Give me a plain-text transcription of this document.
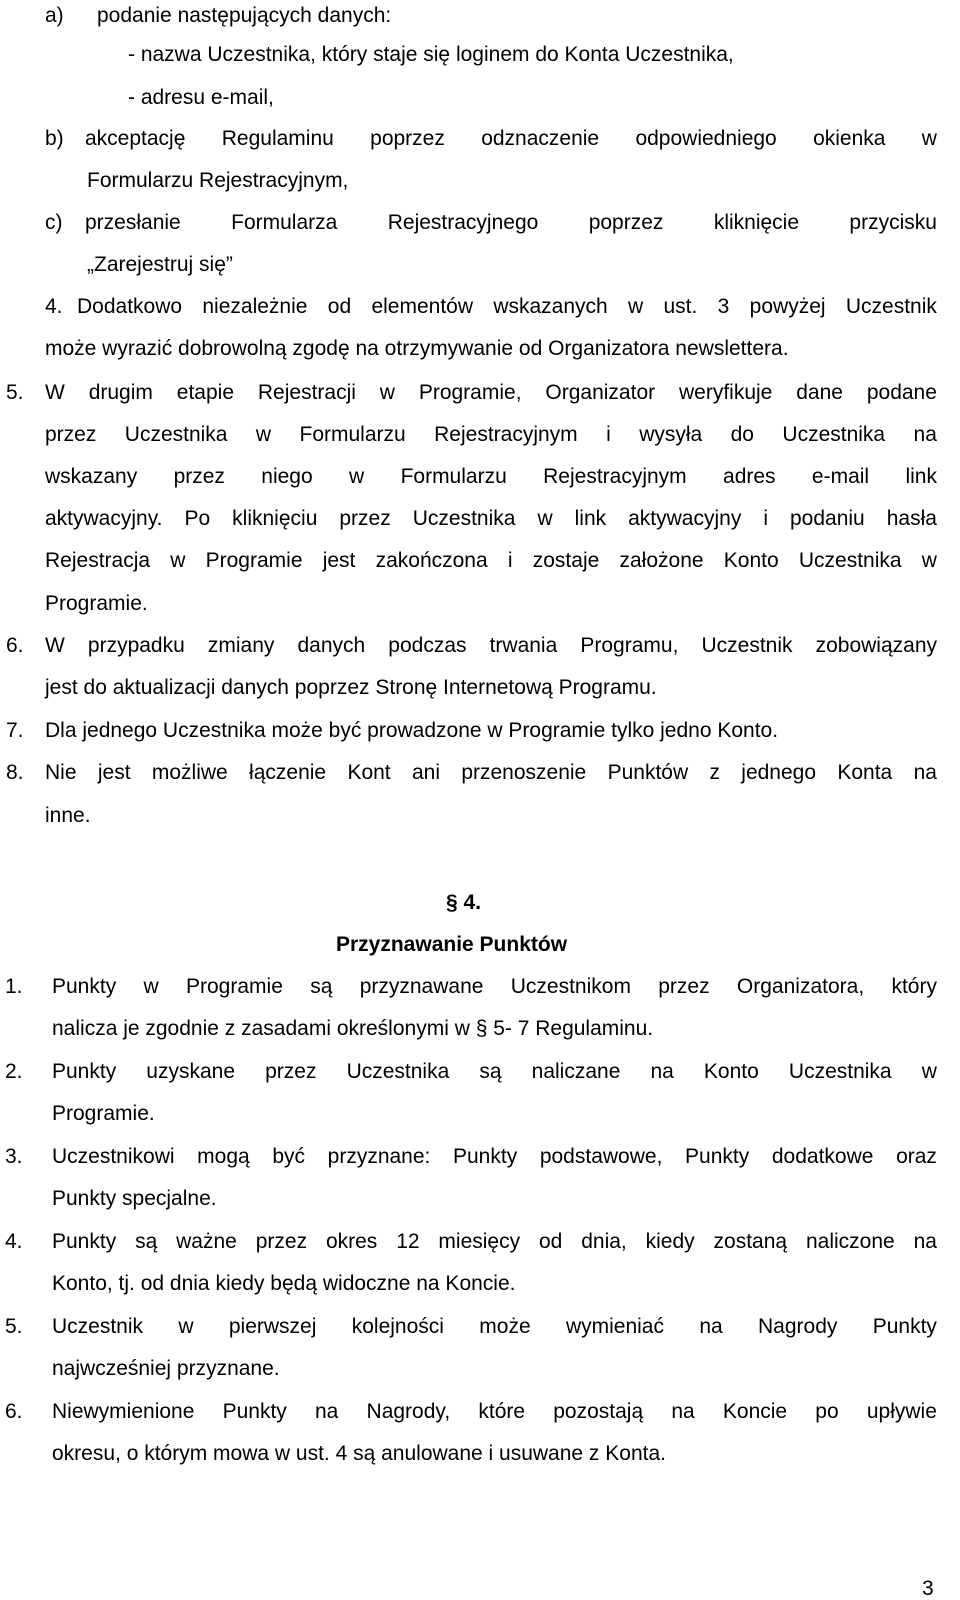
a) podanie następujących danych:
- nazwa Uczestnika, który staje się loginem do Konta Uczestnika,
- adresu e-mail,
b) akceptację Regulaminu poprzez odznaczenie odpowiedniego okienka w
Formularzu Rejestracyjnym,
c) przesłanie Formularza Rejestracyjnego poprzez kliknięcie przycisku
„Zarejestruj się”
4. Dodatkowo niezależnie od elementów wskazanych w ust. 3 powyżej Uczestnik
może wyrazić dobrowolną zgodę na otrzymywanie od Organizatora newslettera.
5. W drugim etapie Rejestracji w Programie, Organizator weryfikuje dane podane
przez Uczestnika w Formularzu Rejestracyjnym i wysyła do Uczestnika na
wskazany przez niego w Formularzu Rejestracyjnym adres e-mail link
aktywacyjny. Po kliknięciu przez Uczestnika w link aktywacyjny i podaniu hasła
Rejestracja w Programie jest zakończona i zostaje założone Konto Uczestnika w
Programie.
6. W przypadku zmiany danych podczas trwania Programu, Uczestnik zobowiązany
jest do aktualizacji danych poprzez Stronę Internetową Programu.
7. Dla jednego Uczestnika może być prowadzone w Programie tylko jedno Konto.
8. Nie jest możliwe łączenie Kont ani przenoszenie Punktów z jednego Konta na
inne.
§ 4.
Przyznawanie Punktów
1. Punkty w Programie są przyznawane Uczestnikom przez Organizatora, który
nalicza je zgodnie z zasadami określonymi w § 5- 7 Regulaminu.
2. Punkty uzyskane przez Uczestnika są naliczane na Konto Uczestnika w
Programie.
3. Uczestnikowi mogą być przyznane: Punkty podstawowe, Punkty dodatkowe oraz
Punkty specjalne.
4. Punkty są ważne przez okres 12 miesięcy od dnia, kiedy zostaną naliczone na
Konto, tj. od dnia kiedy będą widoczne na Koncie.
5. Uczestnik w pierwszej kolejności może wymieniać na Nagrody Punkty
najwcześniej przyznane.
6. Niewymienione Punkty na Nagrody, które pozostają na Koncie po upływie
okresu, o którym mowa w ust. 4 są anulowane i usuwane z Konta.
3
